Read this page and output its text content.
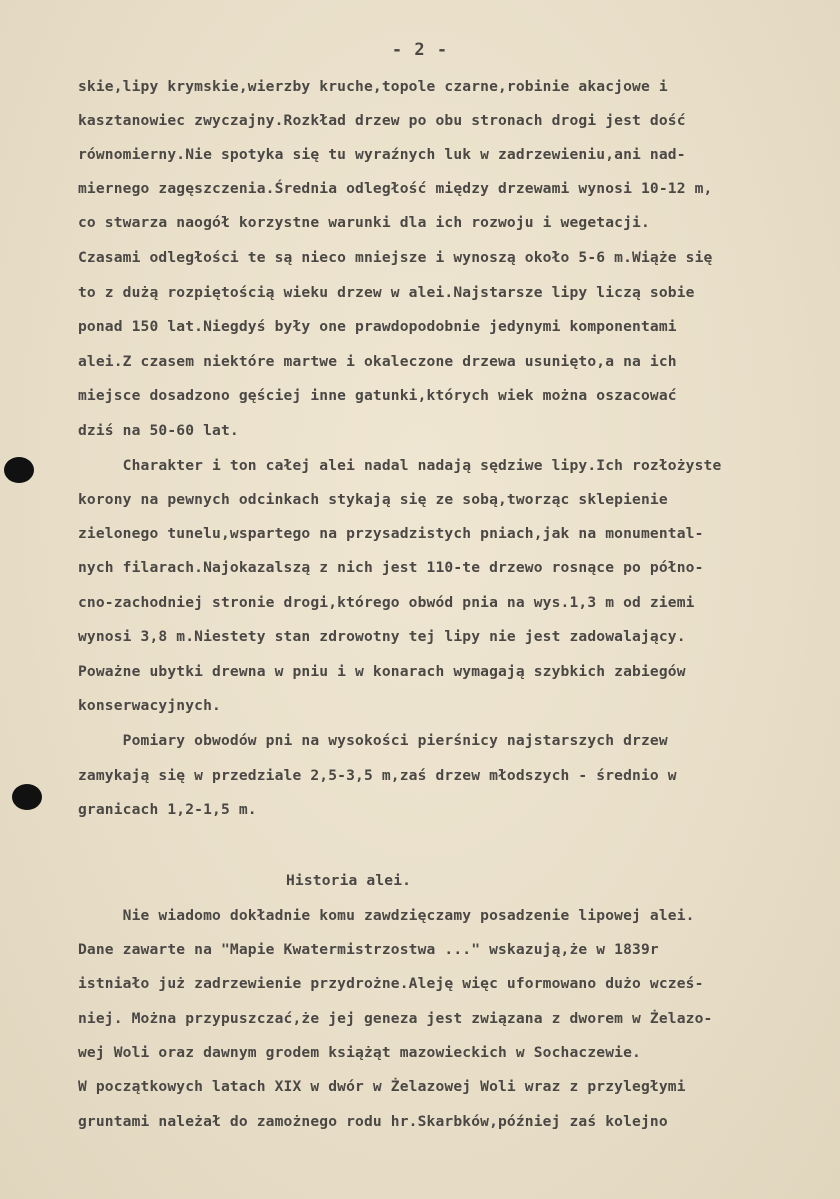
- 2 -
skie,lipy krymskie,wierzby kruche,topole czarne,robinie akacjowe i
kasztanowiec zwyczajny.Rozkład drzew po obu stronach drogi jest dość
równomierny.Nie spotyka się tu wyraźnych luk w zadrzewieniu,ani nad-
miernego zagęszczenia.Średnia odległość między drzewami wynosi 10-12 m,
co stwarza naogół korzystne warunki dla ich rozwoju i wegetacji.
Czasami odległości te są nieco mniejsze i wynoszą około 5-6 m.Wiąże się
to z dużą rozpiętością wieku drzew w alei.Najstarsze lipy liczą sobie
ponad 150 lat.Niegdyś były one prawdopodobnie jedynymi komponentami
alei.Z czasem niektóre martwe i okaleczone drzewa usunięto,a na ich
miejsce dosadzono gęściej inne gatunki,których wiek można oszacować
dziś na 50-60 lat.
Charakter i ton całej alei nadal nadają sędziwe lipy.Ich rozłożyste
korony na pewnych odcinkach stykają się ze sobą,tworząc sklepienie
zielonego tunelu,wspartego na przysadzistych pniach,jak na monumental-
nych filarach.Najokazalszą z nich jest 110-te drzewo rosnące po półno-
cno-zachodniej stronie drogi,którego obwód pnia na wys.1,3 m od ziemi
wynosi 3,8 m.Niestety stan zdrowotny tej lipy nie jest zadowalający.
Poważne ubytki drewna w pniu i w konarach wymagają szybkich zabiegów
konserwacyjnych.
Pomiary obwodów pni na wysokości pierśnicy najstarszych drzew
zamykają się w przedziale 2,5-3,5 m,zaś drzew młodszych - średnio w
granicach 1,2-1,5 m.
Historia alei.
Nie wiadomo dokładnie komu zawdzięczamy posadzenie lipowej alei.
Dane zawarte na "Mapie Kwatermistrzostwa ..." wskazują,że w 1839r
istniało już zadrzewienie przydrożne.Aleję więc uformowano dużo wcześ-
niej. Można przypuszczać,że jej geneza jest związana z dworem w Żelazo-
wej Woli oraz dawnym grodem książąt mazowieckich w Sochaczewie.
W początkowych latach XIX w dwór w Żelazowej Woli wraz z przyległymi
gruntami należał do zamożnego rodu hr.Skarbków,później zaś kolejno
